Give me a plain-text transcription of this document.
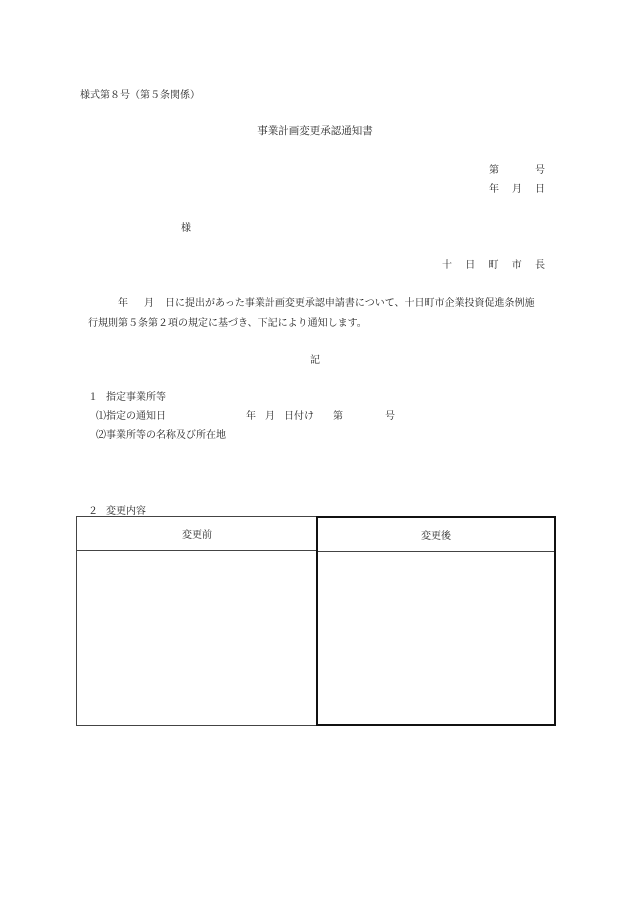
様式第８号（第５条関係）
事業計画変更承認通知書
第	号
年 月 日
様
十 日 町 市 長
年 月 日に提出があった事業計画変更承認申請書について、十日町市企業投資促進条例施
行規則第５条第２項の規定に基づき、下記により通知します。
記
１ 指定事業所等
⑴指定の通知日	年 月 日付け 第	号
⑵事業所等の名称及び所在地
２ 変更内容
変更前	変更後
